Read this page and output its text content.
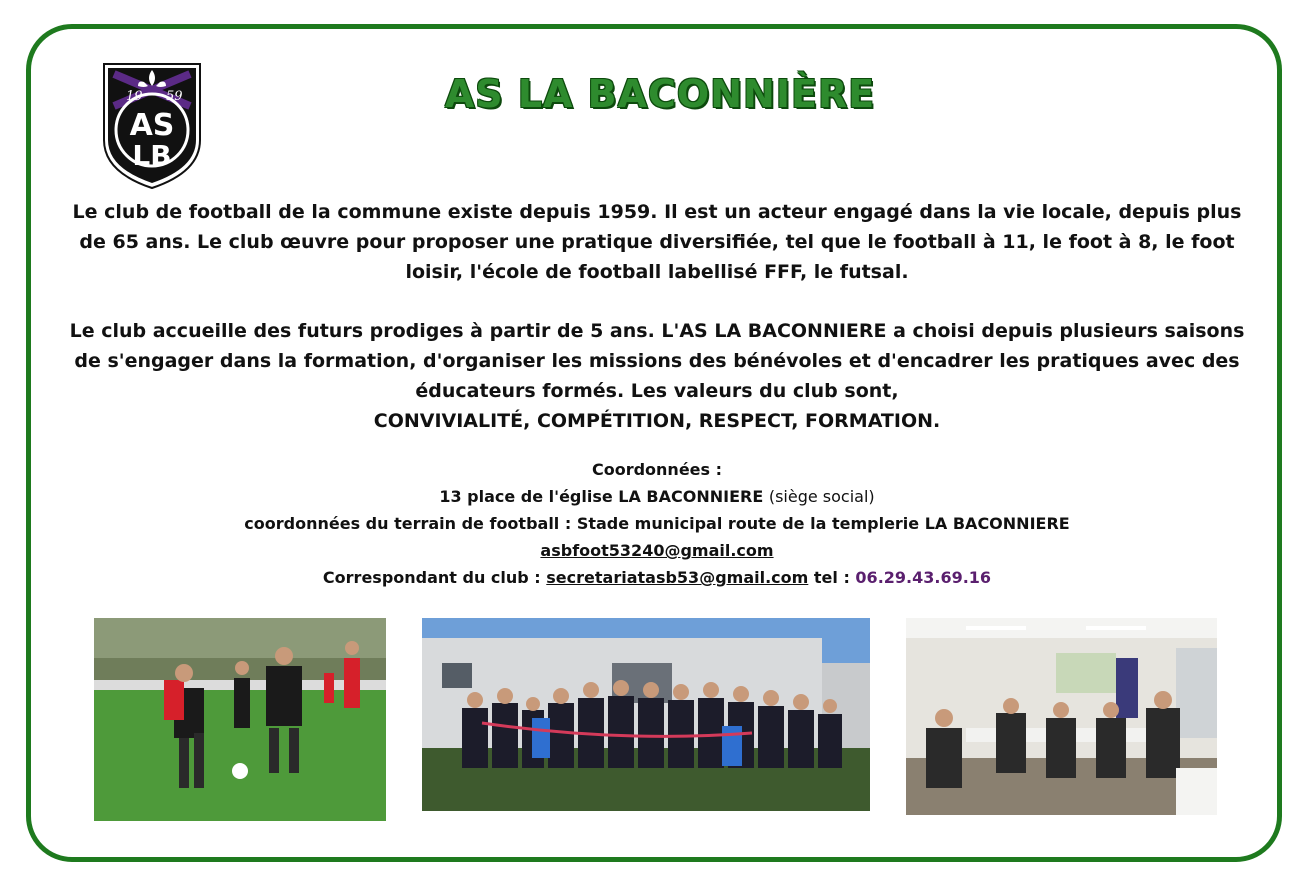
19 59
AS
LB
AS LA BACONNIÈRE
Le club de football de la commune existe depuis 1959. Il est un acteur engagé dans la vie locale, depuis plus de 65 ans. Le club œuvre pour proposer une pratique diversifiée, tel que le football à 11, le foot à 8, le foot loisir, l'école de football labellisé FFF, le futsal.
Le club accueille des futurs prodiges à partir de 5 ans. L'AS LA BACONNIERE a choisi depuis plusieurs saisons de s'engager dans la formation, d'organiser les missions des bénévoles et d'encadrer les pratiques avec des éducateurs formés. Les valeurs du club sont,
CONVIVIALITÉ, COMPÉTITION, RESPECT, FORMATION.
Coordonnées :
13 place de l'église LA BACONNIERE (siège social)
coordonnées du terrain de football : Stade municipal route de la templerie LA BACONNIERE
asbfoot53240@gmail.com
Correspondant du club : secretariatasb53@gmail.com tel : 06.29.43.69.16
